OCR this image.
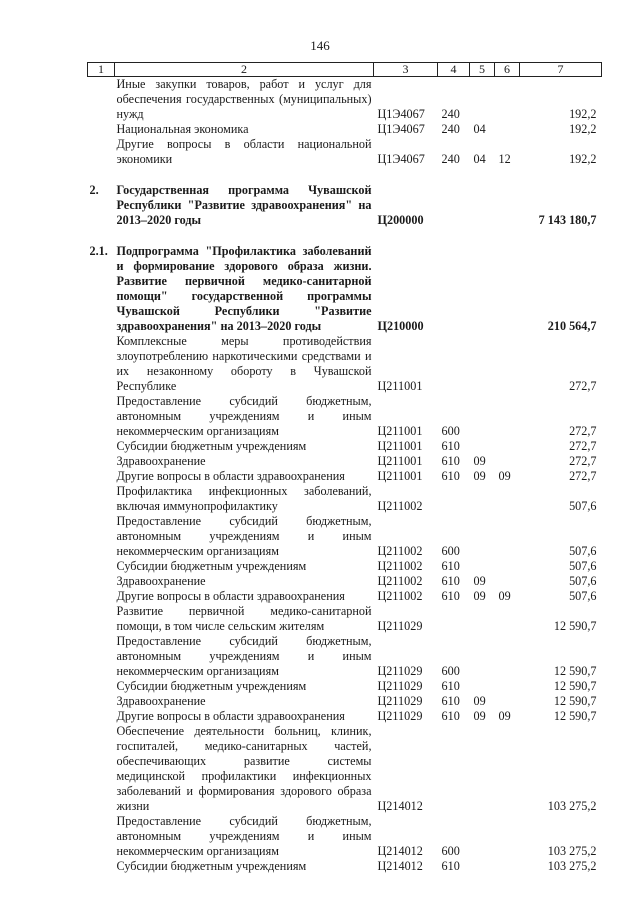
146
1	2	3	4	5	6	7
	Иные закупки товаров, работ и услуг для обеспечения государственных (муниципальных) нужд	Ц1Э4067	240			192,2
	Национальная экономика	Ц1Э4067	240	04		192,2
	Другие вопросы в области национальной экономики	Ц1Э4067	240	04	12	192,2

2.	Государственная программа Чувашской Республики "Развитие здравоохранения" на 2013–2020 годы	Ц200000				7 143 180,7

2.1.	Подпрограмма "Профилактика заболеваний и формирование здорового образа жизни. Развитие первичной медико-санитарной помощи" государственной программы Чувашской Республики "Развитие здравоохранения" на 2013–2020 годы	Ц210000				210 564,7
	Комплексные меры противодействия злоупотреблению наркотическими средствами и их незаконному обороту в Чувашской Республике	Ц211001				272,7
	Предоставление субсидий бюджетным, автономным учреждениям и иным некоммерческим организациям	Ц211001	600			272,7
	Субсидии бюджетным учреждениям	Ц211001	610			272,7
	Здравоохранение	Ц211001	610	09		272,7
	Другие вопросы в области здравоохранения	Ц211001	610	09	09	272,7
	Профилактика инфекционных заболеваний, включая иммунопрофилактику	Ц211002				507,6
	Предоставление субсидий бюджетным, автономным учреждениям и иным некоммерческим организациям	Ц211002	600			507,6
	Субсидии бюджетным учреждениям	Ц211002	610			507,6
	Здравоохранение	Ц211002	610	09		507,6
	Другие вопросы в области здравоохранения	Ц211002	610	09	09	507,6
	Развитие первичной медико-санитарной помощи, в том числе сельским жителям	Ц211029				12 590,7
	Предоставление субсидий бюджетным, автономным учреждениям и иным некоммерческим организациям	Ц211029	600			12 590,7
	Субсидии бюджетным учреждениям	Ц211029	610			12 590,7
	Здравоохранение	Ц211029	610	09		12 590,7
	Другие вопросы в области здравоохранения	Ц211029	610	09	09	12 590,7
	Обеспечение деятельности больниц, клиник, госпиталей, медико-санитарных частей, обеспечивающих развитие системы медицинской профилактики инфекционных заболеваний и формирования здорового образа жизни	Ц214012				103 275,2
	Предоставление субсидий бюджетным, автономным учреждениям и иным некоммерческим организациям	Ц214012	600			103 275,2
	Субсидии бюджетным учреждениям	Ц214012	610			103 275,2
